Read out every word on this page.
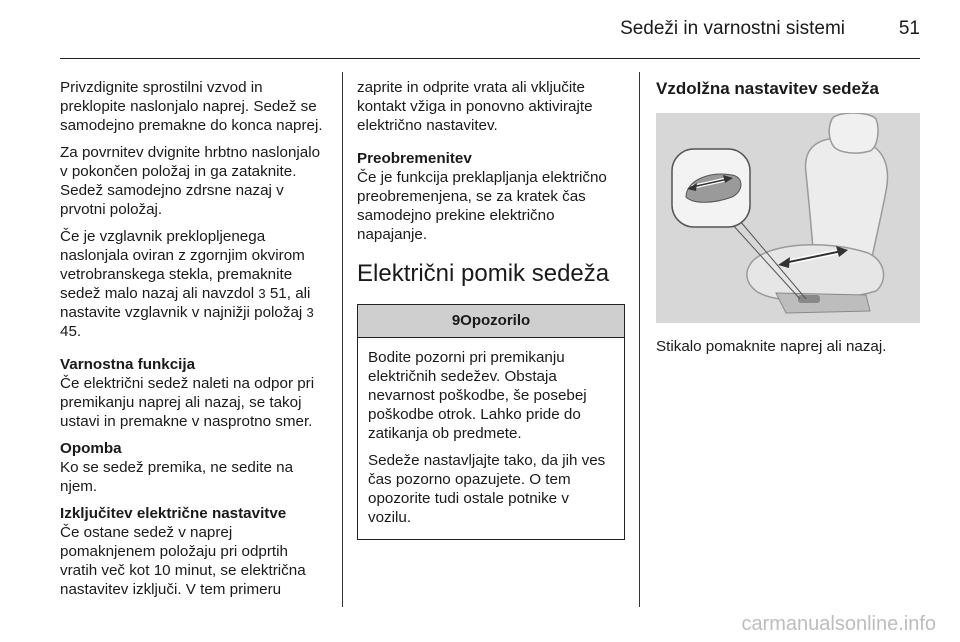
Sedeži in varnostni sistemi	51

Privzdignite sprostilni vzvod in preklopite naslonjalo naprej. Sedež se samodejno premakne do konca naprej.

Za povrnitev dvignite hrbtno naslonjalo v pokončen položaj in ga zataknite. Sedež samodejno zdrsne nazaj v prvotni položaj.

Če je vzglavnik preklopljenega naslonjala oviran z zgornjim okvirom vetrobranskega stekla, premaknite sedež malo nazaj ali navzdol 3 51, ali nastavite vzglavnik v najnižji položaj 3 45.

Varnostna funkcija
Če električni sedež naleti na odpor pri premikanju naprej ali nazaj, se takoj ustavi in premakne v nasprotno smer.

Opomba
Ko se sedež premika, ne sedite na njem.

Izklјučitev električne nastavitve
Če ostane sedež v naprej pomaknjenem položaju pri odprtih vratih več kot 10 minut, se električna nastavitev izklјuči. V tem primeru

zaprite in odprite vrata ali vključite kontakt vžiga in ponovno aktivirajte električno nastavitev.

Preobremenitev
Če je funkcija preklapljanja električno preobremenjena, se za kratek čas samodejno prekine električno napajanje.

Električni pomik sedeža
9Opozorilo

Bodite pozorni pri premikanju električnih sedežev. Obstaja nevarnost poškodbe, še posebej poškodbe otrok. Lahko pride do zatikanja ob predmete.

Sedeže nastavljajte tako, da jih ves čas pozorno opazujete. O tem opozorite tudi ostale potnike v vozilu.

Vzdolžna nastavitev sedeža

Stikalo pomaknite naprej ali nazaj.

carmanualsonline.info
